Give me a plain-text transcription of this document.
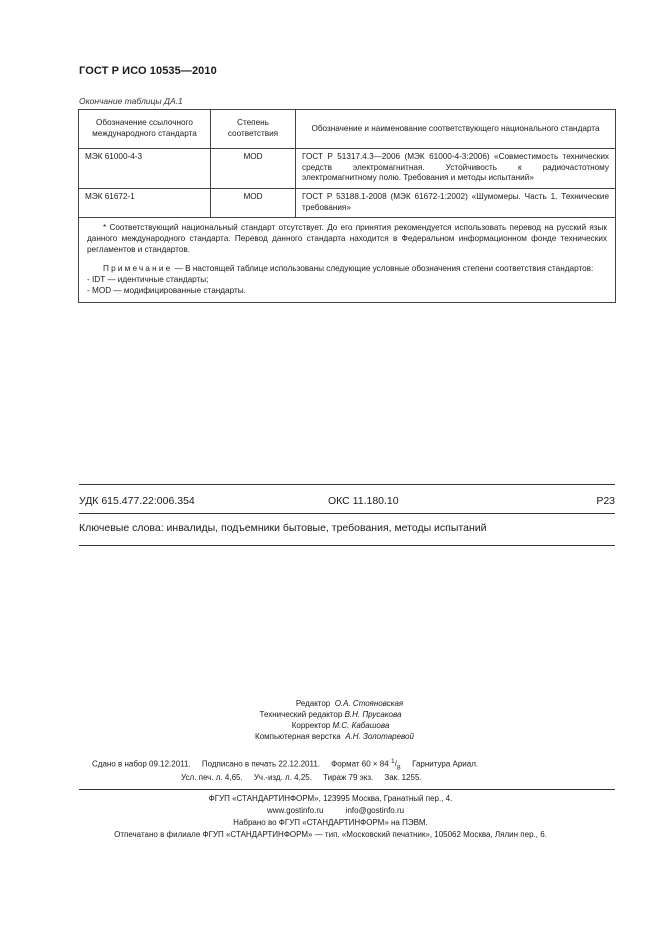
ГОСТ Р ИСО 10535—2010
Окончание таблицы ДА.1
Обозначение ссылочного международного стандарта	Степень соответствия	Обозначение и наименование соответствующего национального стандарта
МЭК 61000-4-3	MOD	ГОСТ Р 51317.4.3—2006 (МЭК 61000-4-3:2006) «Совместимость технических средств электромагнитная. Устойчивость к радиочастотному электромагнитному полю. Требования и методы испытаний»
МЭК 61672-1	MOD	ГОСТ Р 53188.1-2008 (МЭК 61672-1:2002) «Шумомеры. Часть 1. Технические требования»

* Соответствующий национальный стандарт отсутствует. До его принятия рекомендуется использовать перевод на русский язык данного международного стандарта. Перевод данного стандарта находится в Федеральном информационном фонде технических регламентов и стандартов.

Примечание — В настоящей таблице использованы следующие условные обозначения степени соответствия стандартов:

- IDT — идентичные стандарты;

- MOD — модифицированные стандарты.		

УДК 615.477.22:006.354	ОКС 11.180.10	Р23
Ключевые слова: инвалиды, подъемники бытовые, требования, методы испытаний
Редактор О.А. Стояновская
Технический редактор В.Н. Прусакова
Корректор М.С. Кабашова
Компьютерная верстка А.Н. Золотаревой
Сдано в набор 09.12.2011. Подписано в печать 22.12.2011. Формат 60 × 84 $^1/_8$ Гарнитура Ариал.
Усл. печ. л. 4,65. Уч.-изд. л. 4,25. Тираж 79 экз. Зак. 1255.
ФГУП «СТАНДАРТИНФОРМ», 123995 Москва, Гранатный пер., 4.
www.gostinfo.ru	info@gostinfo.ru
Набрано во ФГУП «СТАНДАРТИНФОРМ» на ПЭВМ.
Отпечатано в филиале ФГУП «СТАНДАРТИНФОРМ» — тип. «Московский печатник», 105062 Москва, Лялин пер., 6.
